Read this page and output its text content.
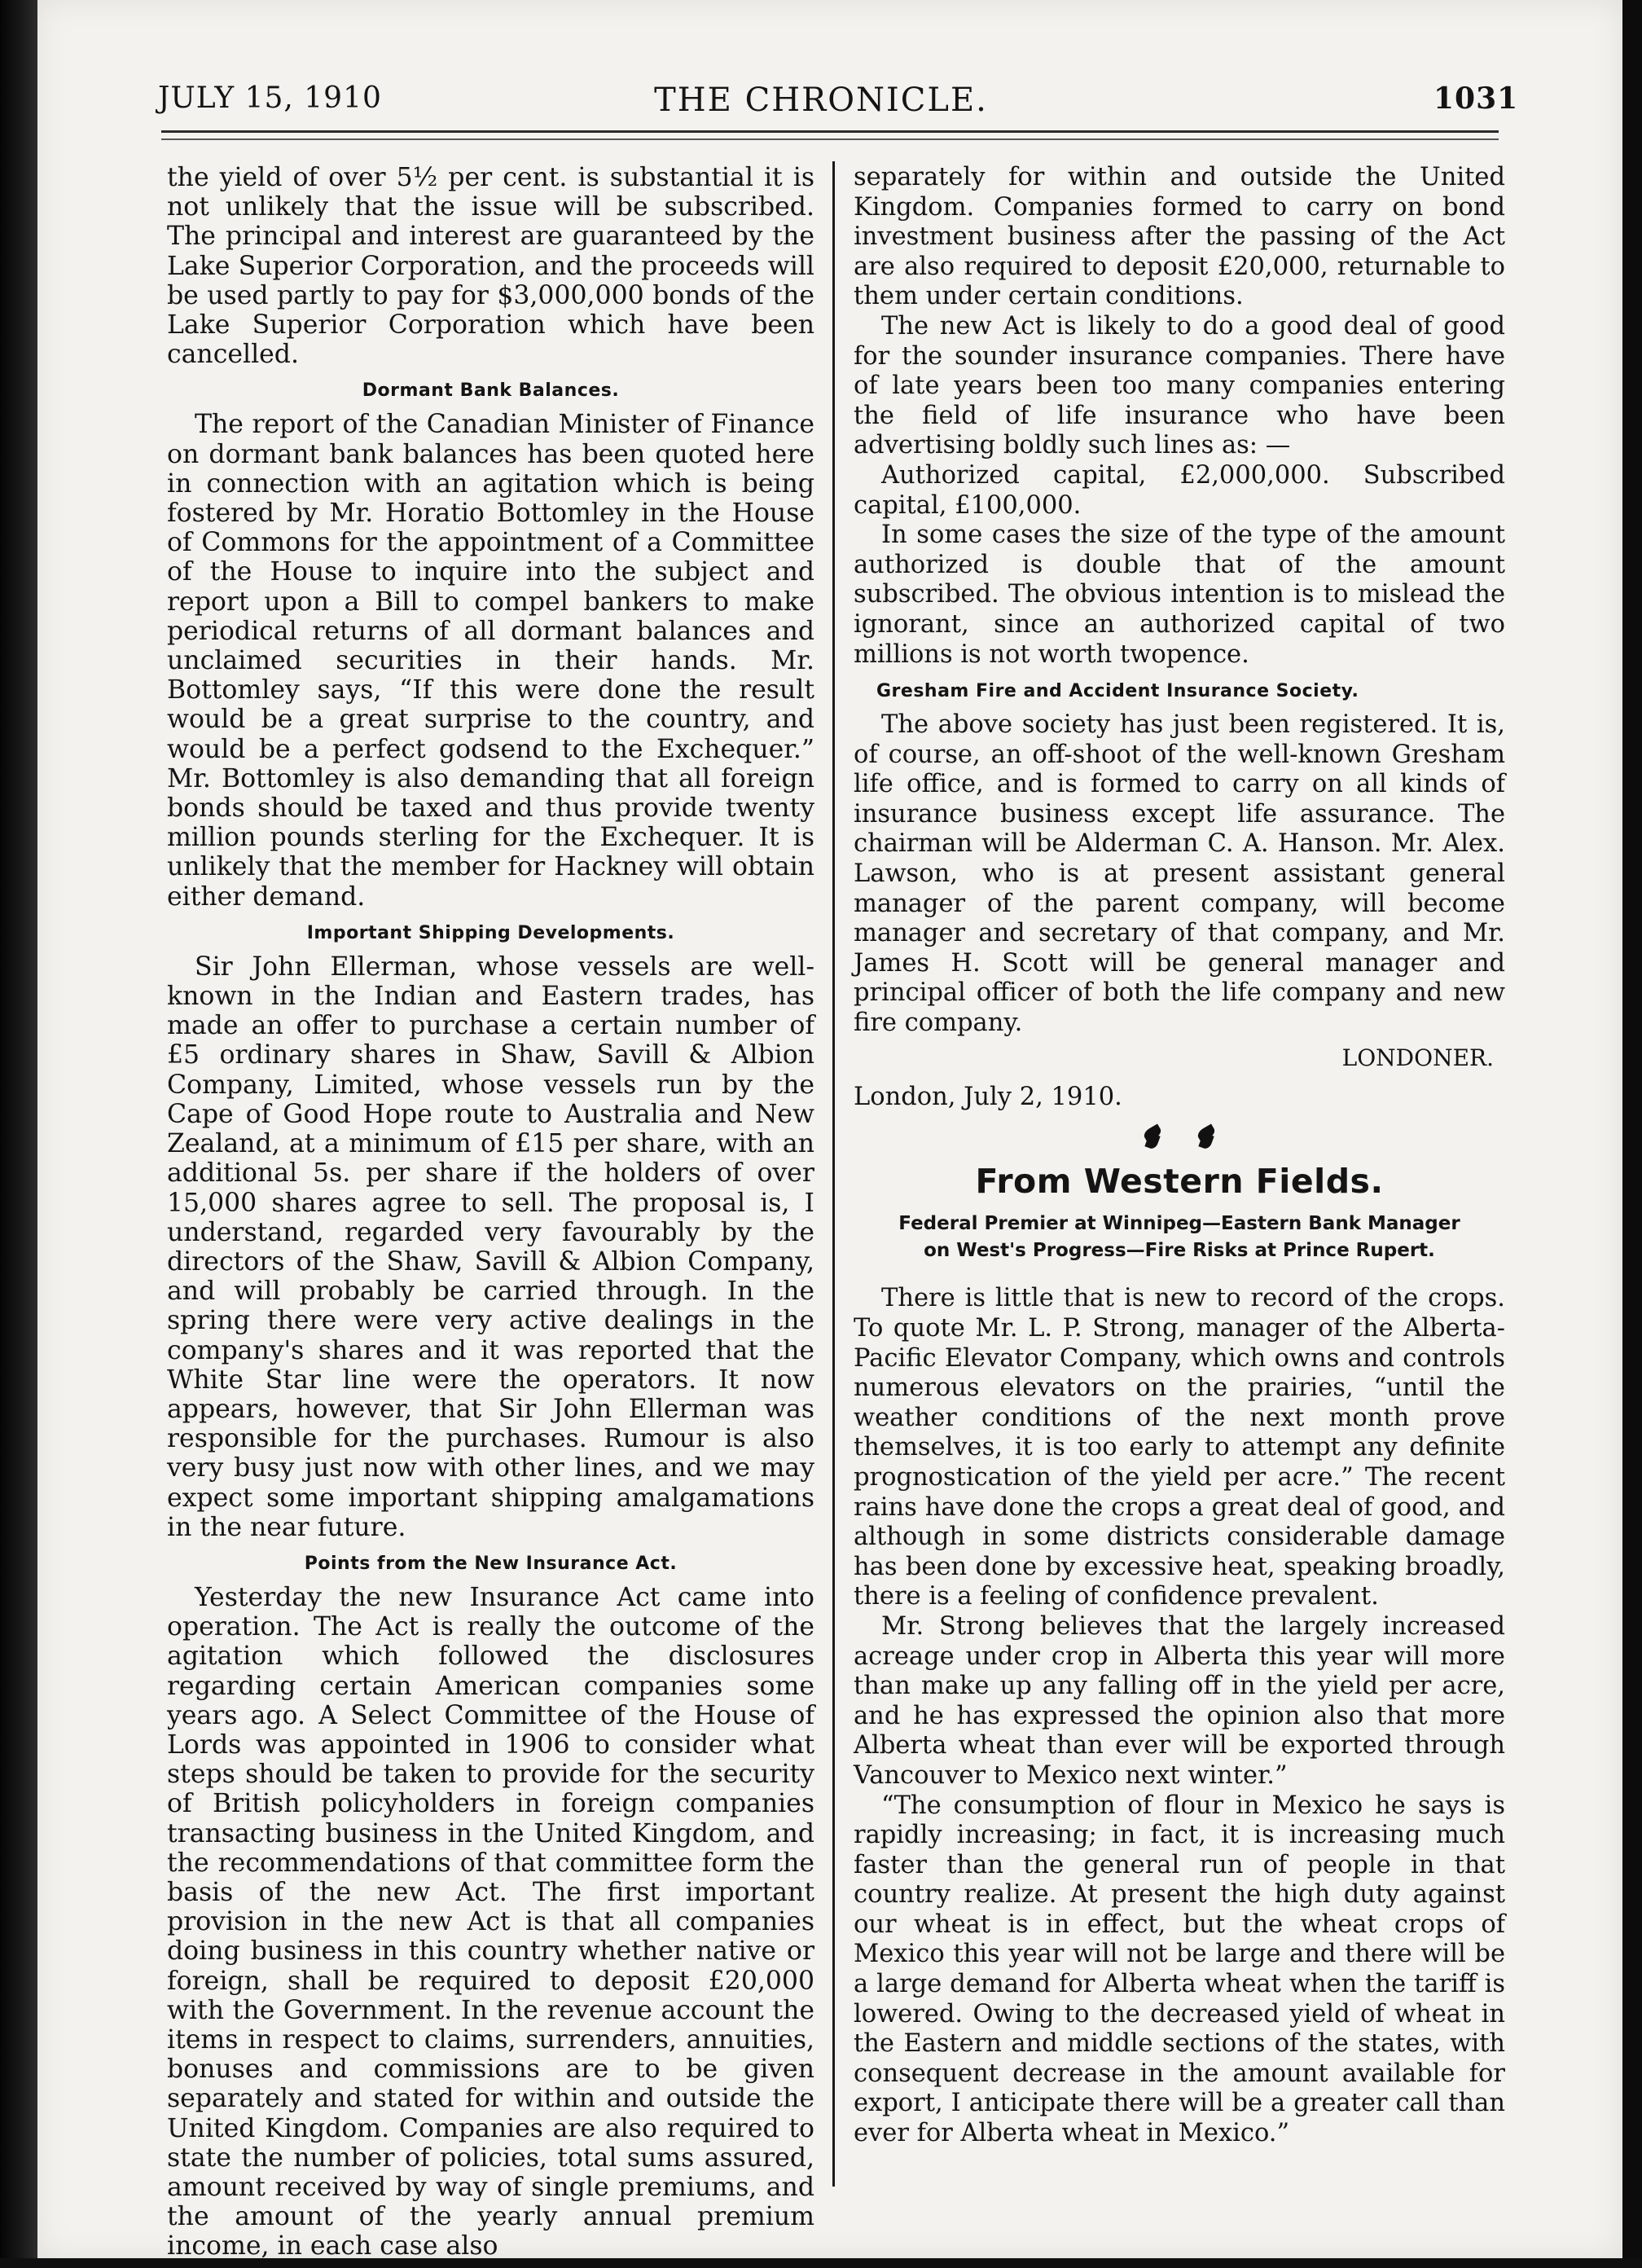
JULY 15, 1910	THE CHRONICLE.	1031

the yield of over 5½ per cent. is substantial it is not unlikely that the issue will be subscribed. The principal and interest are guaranteed by the Lake Superior Corporation, and the proceeds will be used partly to pay for $3,000,000 bonds of the Lake Superior Corporation which have been cancelled.

Dormant Bank Balances.

The report of the Canadian Minister of Finance on dormant bank balances has been quoted here in connection with an agitation which is being fostered by Mr. Horatio Bottomley in the House of Commons for the appointment of a Committee of the House to inquire into the subject and report upon a Bill to compel bankers to make periodical returns of all dormant balances and unclaimed securities in their hands. Mr. Bottomley says, “If this were done the result would be a great surprise to the country, and would be a perfect godsend to the Exchequer.” Mr. Bottomley is also demanding that all foreign bonds should be taxed and thus provide twenty million pounds sterling for the Exchequer. It is unlikely that the member for Hackney will obtain either demand.

Important Shipping Developments.

Sir John Ellerman, whose vessels are well-known in the Indian and Eastern trades, has made an offer to purchase a certain number of £5 ordinary shares in Shaw, Savill & Albion Company, Limited, whose vessels run by the Cape of Good Hope route to Australia and New Zealand, at a minimum of £15 per share, with an additional 5s. per share if the holders of over 15,000 shares agree to sell. The proposal is, I understand, regarded very favourably by the directors of the Shaw, Savill & Albion Company, and will probably be carried through. In the spring there were very active dealings in the company's shares and it was reported that the White Star line were the operators. It now appears, however, that Sir John Ellerman was responsible for the purchases. Rumour is also very busy just now with other lines, and we may expect some important shipping amalgamations in the near future.

Points from the New Insurance Act.

Yesterday the new Insurance Act came into operation. The Act is really the outcome of the agitation which followed the disclosures regarding certain American companies some years ago. A Select Committee of the House of Lords was appointed in 1906 to consider what steps should be taken to provide for the security of British policyholders in foreign companies transacting business in the United Kingdom, and the recommendations of that committee form the basis of the new Act. The first important provision in the new Act is that all companies doing business in this country whether native or foreign, shall be required to deposit £20,000 with the Government. In the revenue account the items in respect to claims, surrenders, annuities, bonuses and commissions are to be given separately and stated for within and outside the United Kingdom. Companies are also required to state the number of policies, total sums assured, amount received by way of single premiums, and the amount of the yearly annual premium income, in each case also

separately for within and outside the United Kingdom. Companies formed to carry on bond investment business after the passing of the Act are also required to deposit £20,000, returnable to them under certain conditions.

The new Act is likely to do a good deal of good for the sounder insurance companies. There have of late years been too many companies entering the field of life insurance who have been advertising boldly such lines as: —

Authorized capital, £2,000,000. Subscribed capital, £100,000.

In some cases the size of the type of the amount authorized is double that of the amount subscribed. The obvious intention is to mislead the ignorant, since an authorized capital of two millions is not worth twopence.

Gresham Fire and Accident Insurance Society.

The above society has just been registered. It is, of course, an off-shoot of the well-known Gresham life office, and is formed to carry on all kinds of insurance business except life assurance. The chairman will be Alderman C. A. Hanson. Mr. Alex. Lawson, who is at present assistant general manager of the parent company, will become manager and secretary of that company, and Mr. James H. Scott will be general manager and principal officer of both the life company and new fire company.

LONDONER.

London, July 2, 1910.

From Western Fields.
Federal Premier at Winnipeg—Eastern Bank Manager on West's Progress—Fire Risks at Prince Rupert.

There is little that is new to record of the crops. To quote Mr. L. P. Strong, manager of the Alberta-Pacific Elevator Company, which owns and controls numerous elevators on the prairies, “until the weather conditions of the next month prove themselves, it is too early to attempt any definite prognostication of the yield per acre.” The recent rains have done the crops a great deal of good, and although in some districts considerable damage has been done by excessive heat, speaking broadly, there is a feeling of confidence prevalent.

Mr. Strong believes that the largely increased acreage under crop in Alberta this year will more than make up any falling off in the yield per acre, and he has expressed the opinion also that more Alberta wheat than ever will be exported through Vancouver to Mexico next winter.”

“The consumption of flour in Mexico he says is rapidly increasing; in fact, it is increasing much faster than the general run of people in that country realize. At present the high duty against our wheat is in effect, but the wheat crops of Mexico this year will not be large and there will be a large demand for Alberta wheat when the tariff is lowered. Owing to the decreased yield of wheat in the Eastern and middle sections of the states, with consequent decrease in the amount available for export, I anticipate there will be a greater call than ever for Alberta wheat in Mexico.”
